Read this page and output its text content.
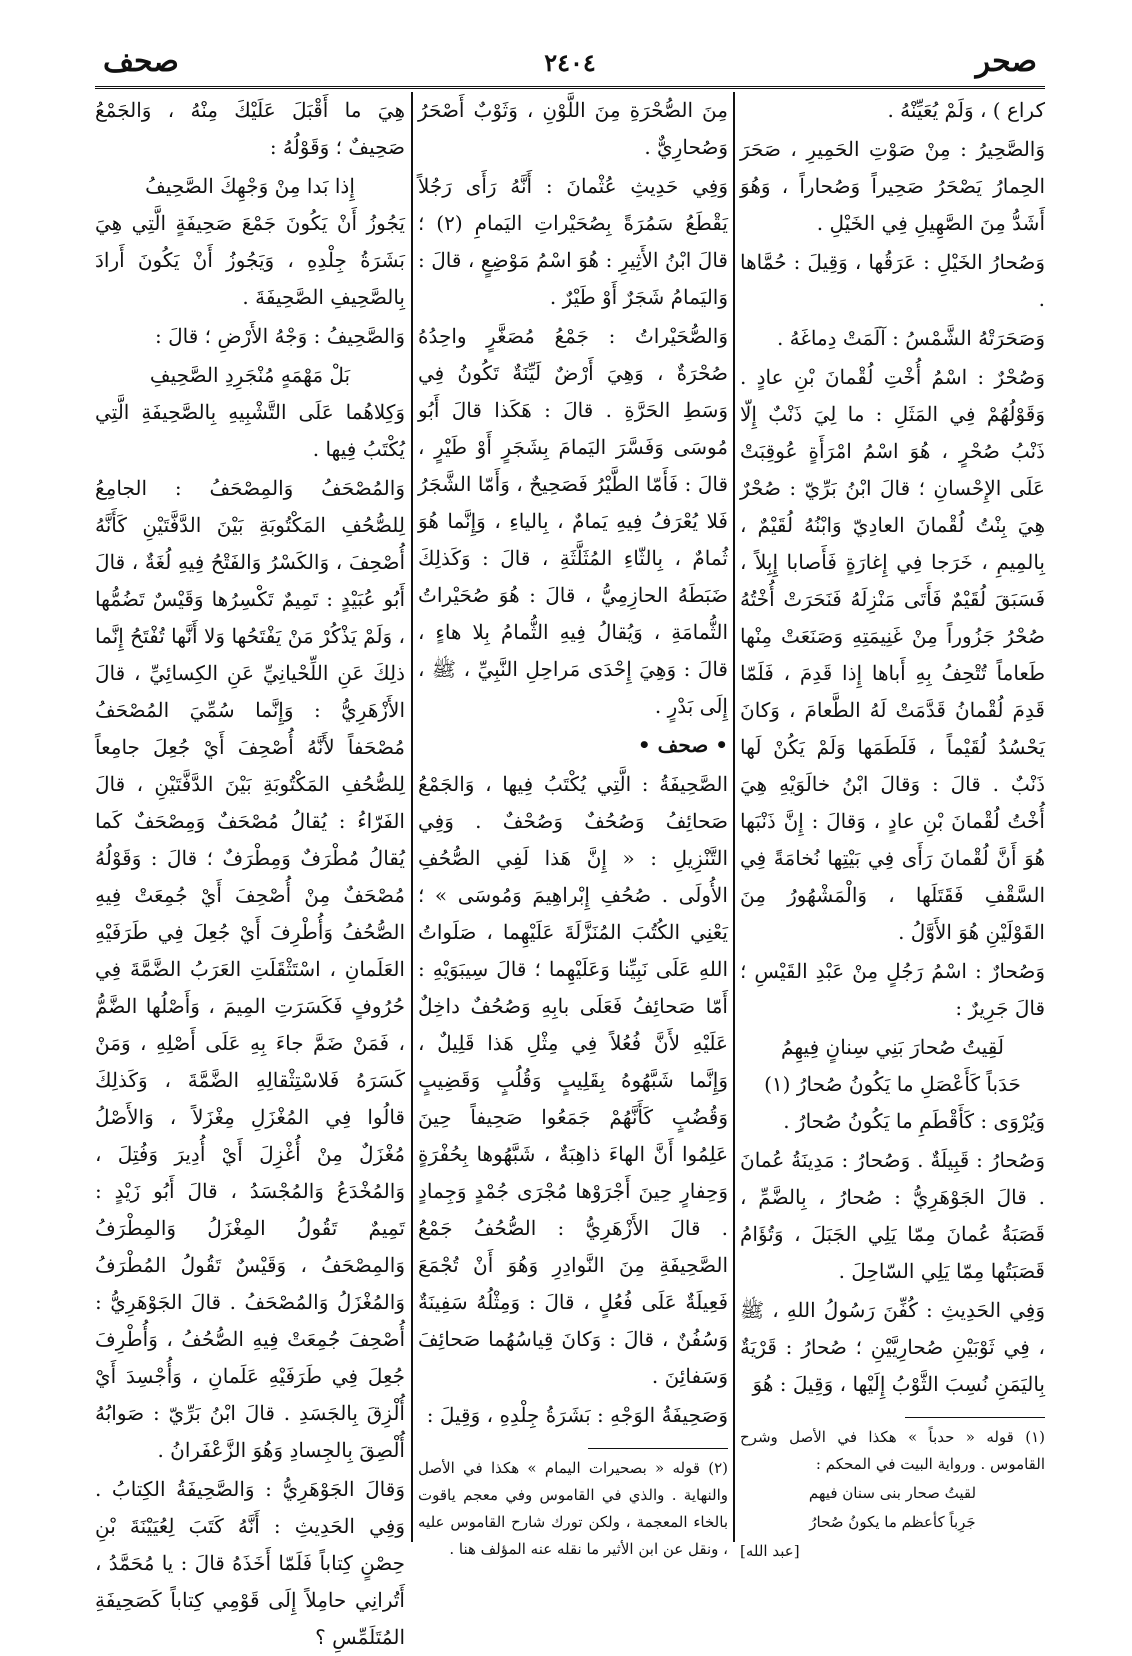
صحر
٢٤٠٤
صحف

كراع ) ، وَلَمْ يُعَيِّنْهُ .

وَالصَّحِيرُ : مِنْ صَوْتِ الحَمِيرِ ، صَحَرَ الحِمارُ يَصْحَرُ صَحِيراً وَصُحاراً ، وَهُوَ أَشَدُّ مِنَ الصَّهِيلِ فِي الخَيْلِ .

وَصُحارُ الخَيْلِ : عَرَقُها ، وَقِيلَ : حُمَّاها .

وَصَحَرَتْهُ الشَّمْسُ : آلَمَتْ دِماغَهُ .

وَصُحْرٌ : اسْمُ أُخْتِ لُقْمانَ بْنِ عادٍ . وَقَوْلُهُمْ فِي المَثَلِ : ما لِيَ ذَنْبٌ إِلّا ذَنْبُ صُحْرٍ ، هُوَ اسْمُ امْرَأَةٍ عُوقِبَتْ عَلَى الإِحْسانِ ؛ قالَ ابْنُ بَرِّيّ : صُحْرٌ هِيَ بِنْتُ لُقْمانَ العادِيّ وَابْنُهُ لُقَيْمٌ ، بِالمِيمِ ، خَرَجا فِي إِغارَةٍ فَأَصابا إِبِلاً ، فَسَبَقَ لُقَيْمٌ فَأَتَى مَنْزِلَهُ فَنَحَرَتْ أُخْتُهُ صُحْرُ جَزُوراً مِنْ غَنِيمَتِهِ وَصَنَعَتْ مِنْها طَعاماً تُتْحِفُ بِهِ أَباها إِذا قَدِمَ ، فَلَمّا قَدِمَ لُقْمانُ قَدَّمَتْ لَهُ الطَّعامَ ، وَكانَ يَحْسُدُ لُقَيْماً ، فَلَطَمَها وَلَمْ يَكُنْ لَها ذَنْبٌ . قالَ : وَقالَ ابْنُ خالَوَيْهِ هِيَ أُخْتُ لُقْمانَ بْنِ عادٍ ، وَقالَ : إِنَّ ذَنْبَها هُوَ أَنَّ لُقْمانَ رَأَى فِي بَيْتِها نُخامَةً فِي السَّقْفِ فَقَتَلَها ، وَالْمَشْهُورُ مِنَ القَوْلَيْنِ هُوَ الأَوَّلُ .

وَصُحارٌ : اسْمُ رَجُلٍ مِنْ عَبْدِ القَيْسِ ؛ قالَ جَرِيرٌ :

لَقِيتُ صُحارَ بَنِي سِنانٍ فِيهِمُ

حَدَباً كَأَعْصَلِ ما يَكُونُ صُحارُ (١)

وَيُرْوَى : كَأَقْطَمِ ما يَكُونُ صُحارُ .

وَصُحارُ : قَبِيلَةٌ . وَصُحارُ : مَدِينَةُ عُمانَ . قالَ الجَوْهَرِيُّ : صُحارُ ، بِالضَّمِّ ، قَصَبَةُ عُمانَ مِمّا يَلِي الجَبَلَ ، وَتُؤَامُ قَصَبَتُها مِمّا يَلِي السّاحِلَ .

وَفِي الحَدِيثِ : كُفِّنَ رَسُولُ اللهِ ، ﷺ ، فِي ثَوْبَيْنِ صُحارِيَّيْنِ ؛ صُحارُ : قَرْيَةٌ بِاليَمَنِ نُسِبَ الثَّوْبُ إِلَيْها ، وَقِيلَ : هُوَ

(١) قوله « حدباً » هكذا في الأصل وشرح القاموس . ورواية البيت في المحكم :

لقيتُ صحار بنى سنان فيهم

جَرِباً كأعظم ما يكونُ صُحارُ

[عبد الله]

مِنَ الصُّحْرَةِ مِنَ اللَّوْنِ ، وَثَوْبٌ أَصْحَرُ وَصُحارِيٌّ .

وَفِي حَدِيثِ عُثْمانَ : أَنَّهُ رَأَى رَجُلاً يَقْطَعُ سَمُرَةً بِصُحَيْراتِ اليَمامِ (٢) ؛ قالَ ابْنُ الأَثِيرِ : هُوَ اسْمُ مَوْضِعٍ ، قالَ : وَاليَمامُ شَجَرٌ أَوْ طَيْرٌ .

وَالصُّحَيْراتُ : جَمْعُ مُصَغَّرٍ واحِدُهُ صُحْرَةٌ ، وَهِيَ أَرْضٌ لَيِّنَةٌ تَكُونُ فِي وَسَطِ الحَرَّةِ . قالَ : هَكَذا قالَ أَبُو مُوسَى وَفَسَّرَ اليَمامَ بِشَجَرٍ أَوْ طَيْرٍ ، قالَ : فَأَمّا الطَّيْرُ فَصَحِيحٌ ، وَأَمّا الشَّجَرُ فَلا يُعْرَفُ فِيهِ يَمامٌ ، بِالياءِ ، وَإِنَّما هُوَ ثُمامٌ ، بِالثّاءِ المُثَلَّثَةِ ، قالَ : وَكَذلِكَ ضَبَطَهُ الحازِمِيُّ ، قالَ : هُوَ صُحَيْراتُ الثُّمامَةِ ، وَيُقالُ فِيهِ الثُّمامُ بِلا هاءٍ ، قالَ : وَهِيَ إِحْدَى مَراحِلِ النَّبِيِّ ، ﷺ ، إِلَى بَدْرٍ .

• صحف •

الصَّحِيفَةُ : الَّتِي يُكْتَبُ فِيها ، وَالجَمْعُ صَحائِفُ وَصُحُفٌ وَصُحْفٌ . وَفِي التَّنْزِيلِ : « إِنَّ هَذا لَفِي الصُّحُفِ الأُولَى . صُحُفِ إِبْراهِيمَ وَمُوسَى » ؛ يَعْنِي الكُتُبَ المُنَزَّلَةَ عَلَيْهِما ، صَلَواتُ اللهِ عَلَى نَبِيِّنا وَعَلَيْهِما ؛ قالَ سِيبَوَيْهِ : أَمّا صَحائِفُ فَعَلَى بابِهِ وَصُحُفٌ داخِلٌ عَلَيْهِ لأَنَّ فُعُلاً فِي مِثْلِ هَذا قَلِيلٌ ، وَإِنَّما شَبَّهُوهُ بِقَلِيبٍ وَقُلُبٍ وَقَضِيبٍ وَقُضُبٍ كَأَنَّهُمْ جَمَعُوا صَحِيفاً حِينَ عَلِمُوا أَنَّ الهاءَ ذاهِبَةٌ ، شَبَّهُوها بِحُفْرَةٍ وَحِفارٍ حِينَ أَجْرَوْها مُجْرَى جُمْدٍ وَجِمادٍ . قالَ الأَزْهَرِيُّ : الصُّحُفُ جَمْعُ الصَّحِيفَةِ مِنَ النَّوادِرِ وَهُوَ أَنْ تُجْمَعَ فَعِيلَةٌ عَلَى فُعُلٍ ، قالَ : وَمِثْلُهُ سَفِينَةٌ وَسُفُنٌ ، قالَ : وَكانَ قِياسُهُما صَحائِفَ وَسَفائِنَ .

وَصَحِيفَةُ الوَجْهِ : بَشَرَةُ جِلْدِهِ ، وَقِيلَ :

(٢) قوله « بصحيرات اليمام » هكذا في الأصل والنهاية . والذي في القاموس وفي معجم ياقوت بالخاء المعجمة ، ولكن تورك شارح القاموس عليه ، ونقل عن ابن الأثير ما نقله عنه المؤلف هنا .

هِيَ ما أَقْبَلَ عَلَيْكَ مِنْهُ ، وَالجَمْعُ صَحِيفٌ ؛ وَقَوْلُهُ :

إِذا بَدا مِنْ وَجْهِكَ الصَّحِيفُ

يَجُوزُ أَنْ يَكُونَ جَمْعَ صَحِيفَةٍ الَّتِي هِيَ بَشَرَةُ جِلْدِهِ ، وَيَجُوزُ أَنْ يَكُونَ أَرادَ بِالصَّحِيفِ الصَّحِيفَةَ .

وَالصَّحِيفُ : وَجْهُ الأَرْضِ ؛ قالَ :

بَلْ مَهْمَهٍ مُنْجَرِدِ الصَّحِيفِ

وَكِلاهُما عَلَى التَّشْبِيهِ بِالصَّحِيفَةِ الَّتِي يُكْتَبُ فِيها .

وَالمُصْحَفُ وَالمِصْحَفُ : الجامِعُ لِلصُّحُفِ المَكْتُوبَةِ بَيْنَ الدَّفَّتَيْنِ كَأَنَّهُ أُصْحِفَ ، وَالكَسْرُ وَالفَتْحُ فِيهِ لُغَةٌ ، قالَ أَبُو عُبَيْدٍ : تَمِيمٌ تَكْسِرُها وَقَيْسٌ تَضُمُّها ، وَلَمْ يَذْكُرْ مَنْ يَفْتَحُها وَلا أَنَّها تُفْتَحُ إِنَّما ذلِكَ عَنِ اللِّحْيانِيِّ عَنِ الكِسائِيِّ ، قالَ الأَزْهَرِيُّ : وَإِنَّما سُمِّيَ المُصْحَفُ مُصْحَفاً لأَنَّهُ أُصْحِفَ أَيْ جُعِلَ جامِعاً لِلصُّحُفِ المَكْتُوبَةِ بَيْنَ الدَّفَّتَيْنِ ، قالَ الفَرّاءُ : يُقالُ مُصْحَفٌ وَمِصْحَفٌ كَما يُقالُ مُطْرَفٌ وَمِطْرَفٌ ؛ قالَ : وَقَوْلُهُ مُصْحَفٌ مِنْ أُصْحِفَ أَيْ جُمِعَتْ فِيهِ الصُّحُفُ وَأُطْرِفَ أَيْ جُعِلَ فِي طَرَفَيْهِ العَلَمانِ ، اسْتَثْقَلَتِ العَرَبُ الضَّمَّةَ فِي حُرُوفٍ فَكَسَرَتِ المِيمَ ، وَأَصْلُها الضَّمُّ ، فَمَنْ ضَمَّ جاءَ بِهِ عَلَى أَصْلِهِ ، وَمَنْ كَسَرَهُ فَلاسْتِثْقالِهِ الضَّمَّةَ ، وَكَذلِكَ قالُوا فِي المُغْزَلِ مِغْزَلاً ، وَالأَصْلُ مُغْزَلٌ مِنْ أُغْزِلَ أَيْ أُدِيرَ وَفُتِلَ ، وَالمُخْدَعُ وَالمُجْسَدُ ، قالَ أَبُو زَيْدٍ : تَمِيمٌ تَقُولُ المِغْزَلُ وَالمِطْرَفُ وَالمِصْحَفُ ، وَقَيْسٌ تَقُولُ المُطْرَفُ وَالمُغْزَلُ وَالمُصْحَفُ . قالَ الجَوْهَرِيُّ : أُصْحِفَ جُمِعَتْ فِيهِ الصُّحُفُ ، وَأُطْرِفَ جُعِلَ فِي طَرَفَيْهِ عَلَمانِ ، وَأُجْسِدَ أَيْ أُلْزِقَ بِالجَسَدِ . قالَ ابْنُ بَرِّيّ : صَوابُهُ أُلْصِقَ بِالجِسادِ وَهُوَ الزَّعْفَرانُ .

وَقالَ الجَوْهَرِيُّ : وَالصَّحِيفَةُ الكِتابُ . وَفِي الحَدِيثِ : أَنَّهُ كَتَبَ لِعُيَيْنَةَ بْنِ حِصْنٍ كِتاباً فَلَمّا أَخَذَهُ قالَ : يا مُحَمَّدُ ، أَتُرانِي حامِلاً إِلَى قَوْمِي كِتاباً كَصَحِيفَةِ المُتَلَمِّسِ ؟
